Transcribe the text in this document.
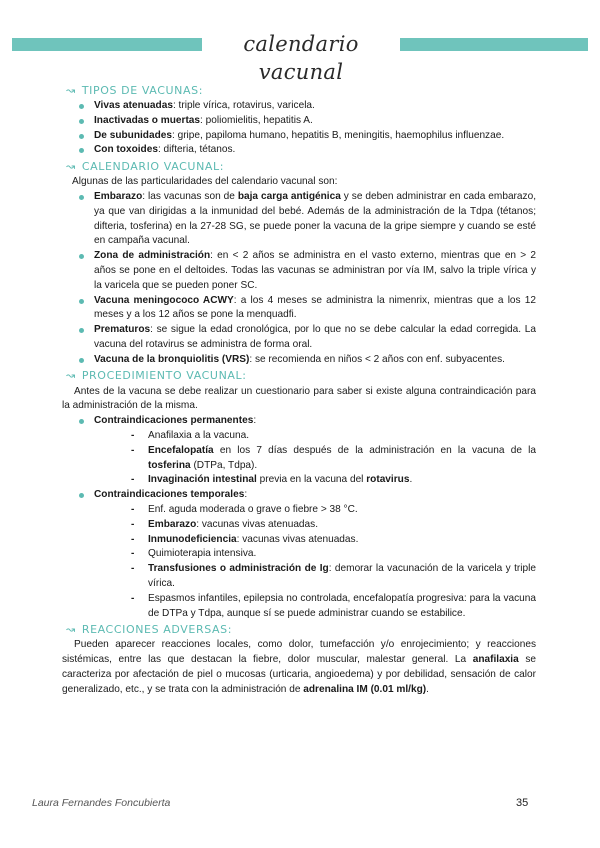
calendario vacunal
↝ TIPOS DE VACUNAS:
Vivas atenuadas: triple vírica, rotavirus, varicela.
Inactivadas o muertas: poliomielitis, hepatitis A.
De subunidades: gripe, papiloma humano, hepatitis B, meningitis, haemophilus influenzae.
Con toxoides: difteria, tétanos.
↝ CALENDARIO VACUNAL:

Algunas de las particularidades del calendario vacunal son:

Embarazo: las vacunas son de baja carga antigénica y se deben administrar en cada embarazo, ya que van dirigidas a la inmunidad del bebé. Además de la administración de la Tdpa (tétanos; difteria, tosferina) en la 27-28 SG, se puede poner la vacuna de la gripe siempre y cuando se esté en campaña vacunal.
Zona de administración: en < 2 años se administra en el vasto externo, mientras que en > 2 años se pone en el deltoides. Todas las vacunas se administran por vía IM, salvo la triple vírica y la varicela que se pueden poner SC.
Vacuna meningococo ACWY: a los 4 meses se administra la nimenrix, mientras que a los 12 meses y a los 12 años se pone la menquadfi.
Prematuros: se sigue la edad cronológica, por lo que no se debe calcular la edad corregida. La vacuna del rotavirus se administra de forma oral.
Vacuna de la bronquiolitis (VRS): se recomienda en niños < 2 años con enf. subyacentes.
↝ PROCEDIMIENTO VACUNAL:

Antes de la vacuna se debe realizar un cuestionario para saber si existe alguna contraindicación para la administración de la misma.

Contraindicaciones permanentes:
- Anafilaxia a la vacuna.
- Encefalopatía en los 7 días después de la administración en la vacuna de la tosferina (DTPa, Tdpa).
- Invaginación intestinal previa en la vacuna del rotavirus.
Contraindicaciones temporales:
- Enf. aguda moderada o grave o fiebre > 38 °C.
- Embarazo: vacunas vivas atenuadas.
- Inmunodeficiencia: vacunas vivas atenuadas.
- Quimioterapia intensiva.
- Transfusiones o administración de Ig: demorar la vacunación de la varicela y triple vírica.
- Espasmos infantiles, epilepsia no controlada, encefalopatía progresiva: para la vacuna de DTPa y Tdpa, aunque sí se puede administrar cuando se estabilice.
↝ REACCIONES ADVERSAS:

Pueden aparecer reacciones locales, como dolor, tumefacción y/o enrojecimiento; y reacciones sistémicas, entre las que destacan la fiebre, dolor muscular, malestar general. La anafilaxia se caracteriza por afectación de piel o mucosas (urticaria, angioedema) y por debilidad, sensación de calor generalizado, etc., y se trata con la administración de adrenalina IM (0.01 ml/kg).

Laura Fernandes Foncubierta	35
